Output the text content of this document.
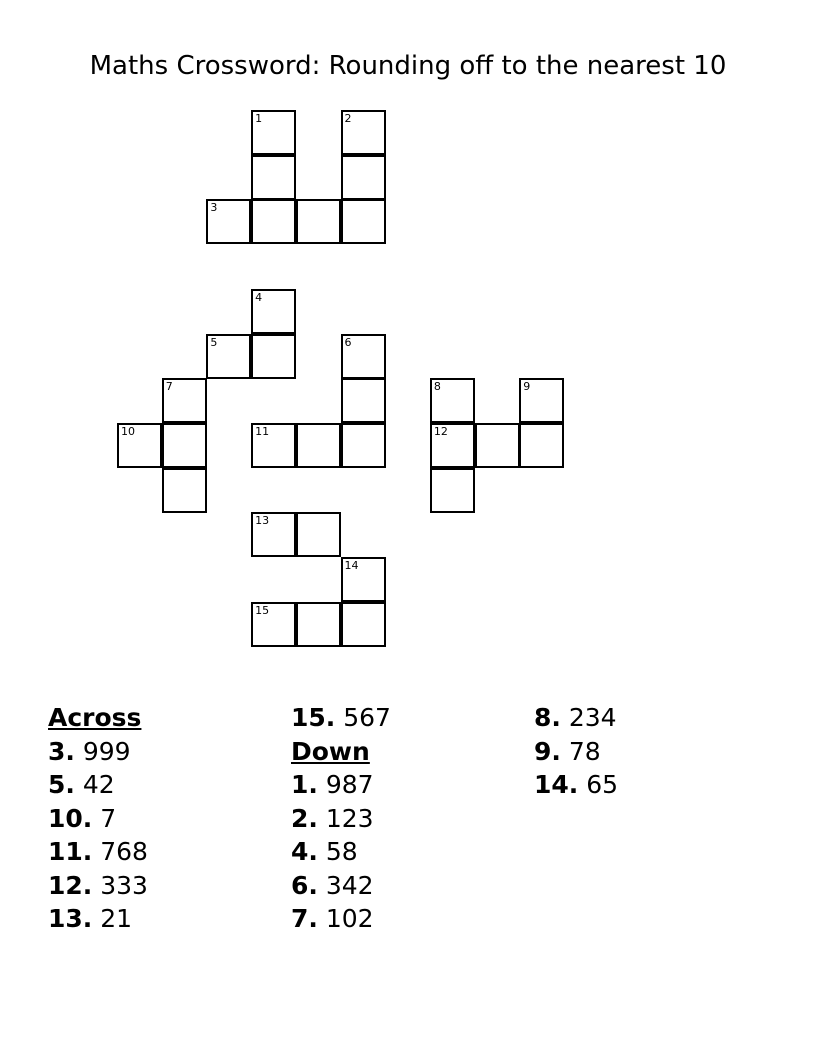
Maths Crossword: Rounding off to the nearest 10
1	2
3
4
5	6
7	8	9
10	11	12
13
14
15
Across
3. 999
5. 42
10. 7
11. 768
12. 333
13. 21
15. 567
Down
1. 987
2. 123
4. 58
6. 342
7. 102
8. 234
9. 78
14. 65
